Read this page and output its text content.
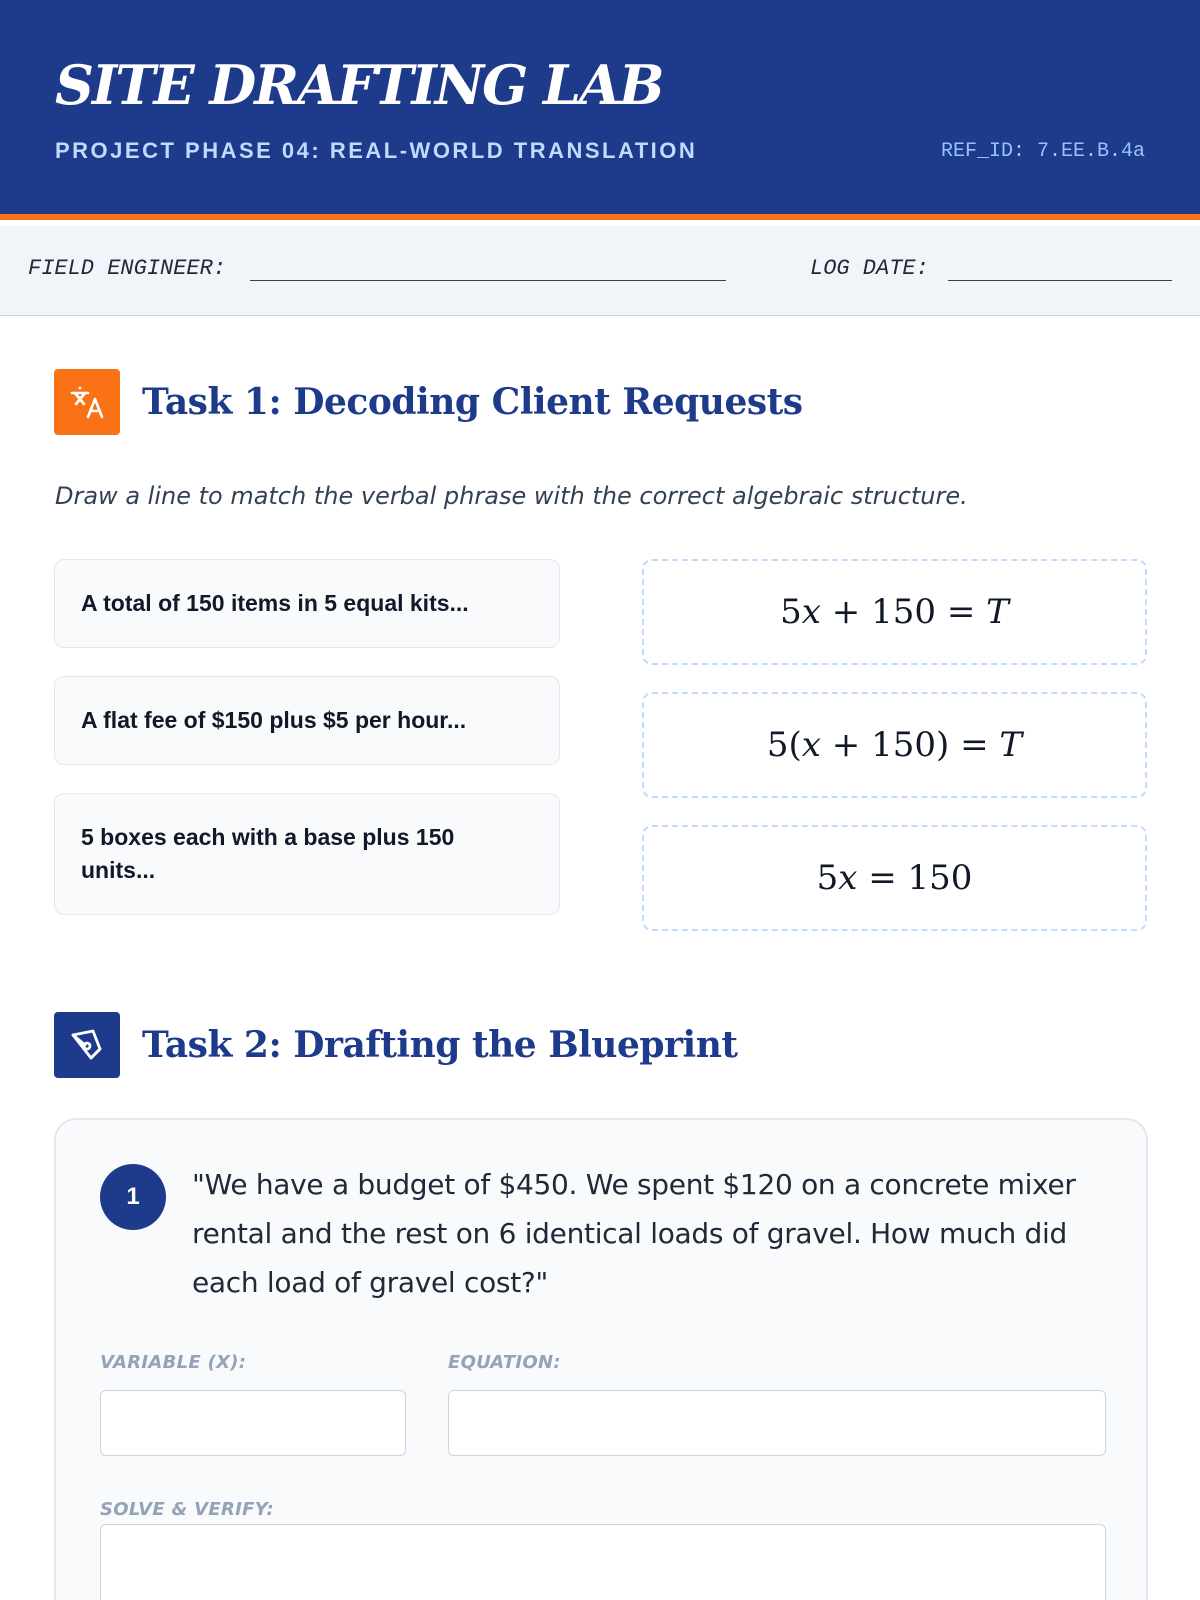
SITE DRAFTING LAB
PROJECT PHASE 04: REAL-WORLD TRANSLATION	REF_ID: 7.EE.B.4a
FIELD ENGINEER:	LOG DATE:
Task 1: Decoding Client Requests
Draw a line to match the verbal phrase with the correct algebraic structure.
A total of 150 items in 5 equal kits...
A flat fee of $150 plus $5 per hour...
5 boxes each with a base plus 150 units...
5x + 150 = T
5(x + 150) = T
5x = 150
Task 2: Drafting the Blueprint
1	"We have a budget of $450. We spent $120 on a concrete mixer rental and the rest on 6 identical loads of gravel. How much did each load of gravel cost?"
VARIABLE (X):	EQUATION:
SOLVE & VERIFY:
